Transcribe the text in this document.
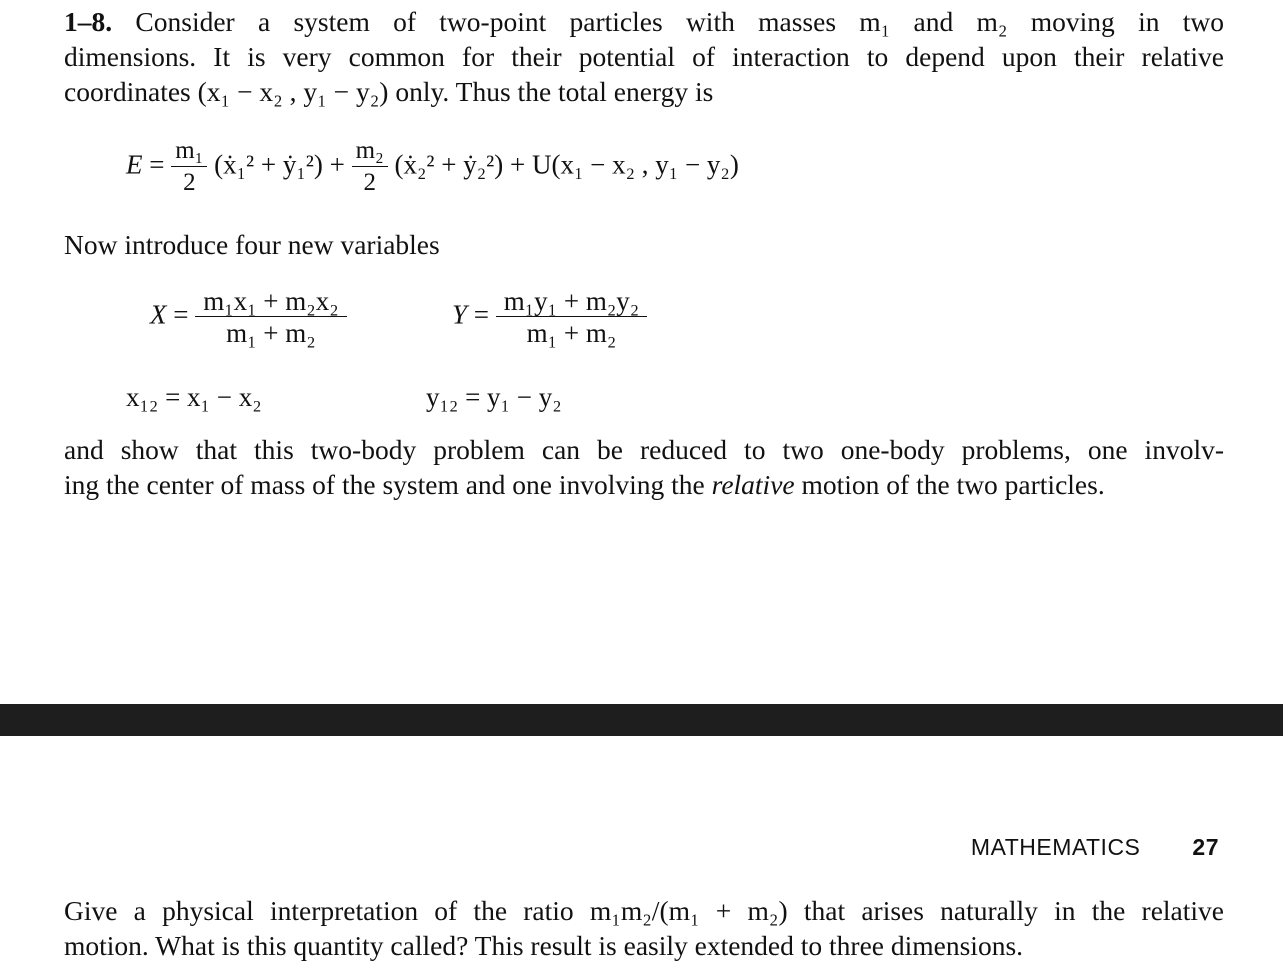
1–8. Consider a system of two-point particles with masses m₁ and m₂ moving in two
dimensions. It is very common for their potential of interaction to depend upon their relative
coordinates (x₁ − x₂ , y₁ − y₂) only. Thus the total energy is
$E = \frac{\text{m₁}}{2}$ (ẋ₁² + ẏ₁²) + $\frac{\text{m₂}}{2}$ (ẋ₂² + ẏ₂²) + U(x₁ − x₂ , y₁ − y₂)
Now introduce four new variables
$X = \frac{\text{m₁x₁ + m₂x₂}}{\text{m₁ + m₂}}$	$Y = \frac{\text{m₁y₁ + m₂y₂}}{\text{m₁ + m₂}}$
x₁₂ = x₁ − x₂	y₁₂ = y₁ − y₂
and show that this two-body problem can be reduced to two one-body problems, one involv-
ing the center of mass of the system and one involving the relative motion of the two particles.
MATHEMATICS 27
Give a physical interpretation of the ratio m₁m₂/(m₁ + m₂) that arises naturally in the relative
motion. What is this quantity called? This result is easily extended to three dimensions.
